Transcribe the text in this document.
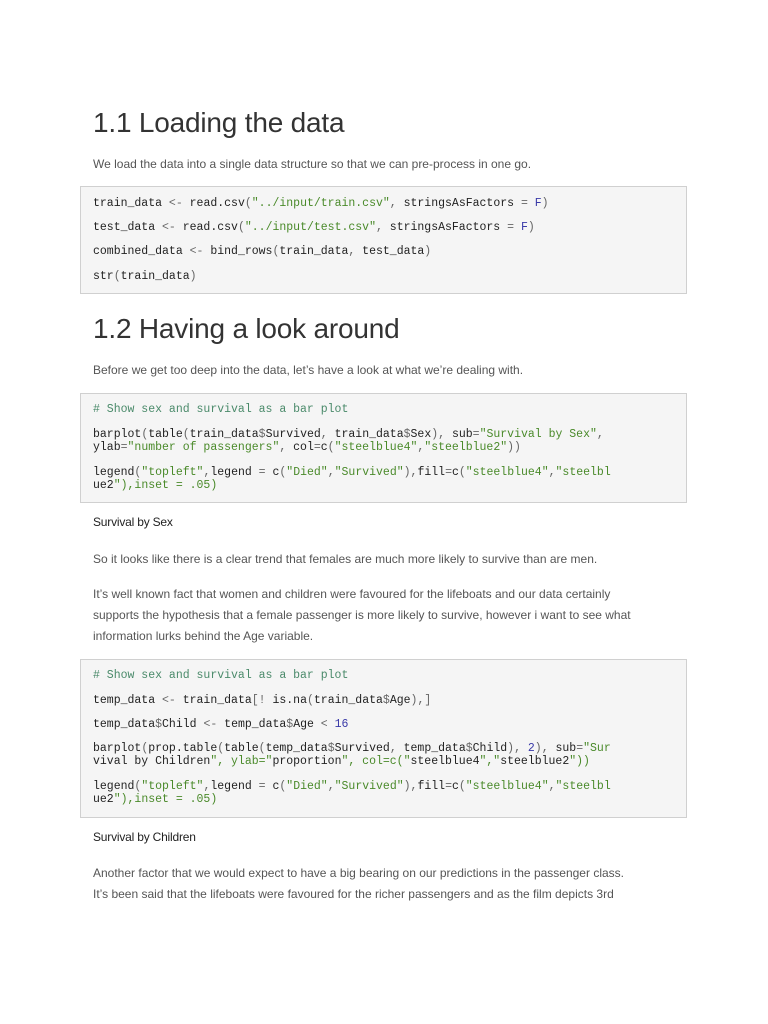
1.1 Loading the data

We load the data into a single data structure so that we can pre-process in one go.

train_data <- read.csv("../input/train.csv", stringsAsFactors = F)
test_data <- read.csv("../input/test.csv", stringsAsFactors = F)
combined_data <- bind_rows(train_data, test_data)
str(train_data)
1.2 Having a look around

Before we get too deep into the data, let’s have a look at what we’re dealing with.

# Show sex and survival as a bar plot
barplot(table(train_data$Survived, train_data$Sex), sub="Survival by Sex",
ylab="number of passengers", col=c("steelblue4","steelblue2"))
legend("topleft",legend = c("Died","Survived"),fill=c("steelblue4","steelbl
ue2"),inset = .05)
Survival by Sex

So it looks like there is a clear trend that females are much more likely to survive than are men.

It’s well known fact that women and children were favoured for the lifeboats and our data certainly
supports the hypothesis that a female passenger is more likely to survive, however i want to see what
information lurks behind the Age variable.

# Show sex and survival as a bar plot
temp_data <- train_data[! is.na(train_data$Age),]
temp_data$Child <- temp_data$Age < 16
barplot(prop.table(table(temp_data$Survived, temp_data$Child), 2), sub="Sur
vival by Children", ylab="proportion", col=c("steelblue4","steelblue2"))
legend("topleft",legend = c("Died","Survived"),fill=c("steelblue4","steelbl
ue2"),inset = .05)
Survival by Children

Another factor that we would expect to have a big bearing on our predictions in the passenger class.
It’s been said that the lifeboats were favoured for the richer passengers and as the film depicts 3rd
